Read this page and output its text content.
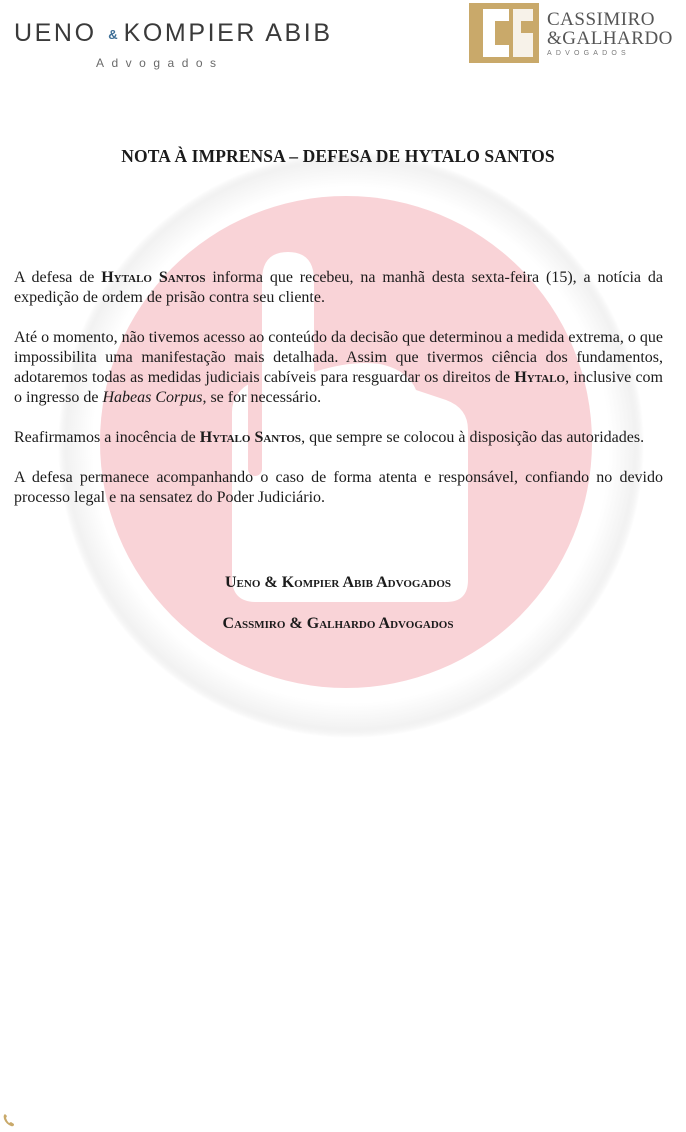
UENO & KOMPIER ABIB
Advogados
CASSIMIRO
&GALHARDO
ADVOGADOS
NOTA À IMPRENSA – DEFESA DE HYTALO SANTOS

A defesa de Hytalo Santos informa que recebeu, na manhã desta sexta-feira (15), a notícia da expedição de ordem de prisão contra seu cliente.

Até o momento, não tivemos acesso ao conteúdo da decisão que determinou a medida extrema, o que impossibilita uma manifestação mais detalhada. Assim que tivermos ciência dos fundamentos, adotaremos todas as medidas judiciais cabíveis para resguardar os direitos de Hytalo, inclusive com o ingresso de Habeas Corpus, se for necessário.

Reafirmamos a inocência de Hytalo Santos, que sempre se colocou à disposição das autoridades.

A defesa permanece acompanhando o caso de forma atenta e responsável, confiando no devido processo legal e na sensatez do Poder Judiciário.

Ueno & Kompier Abib Advogados
Cassmiro & Galhardo Advogados
